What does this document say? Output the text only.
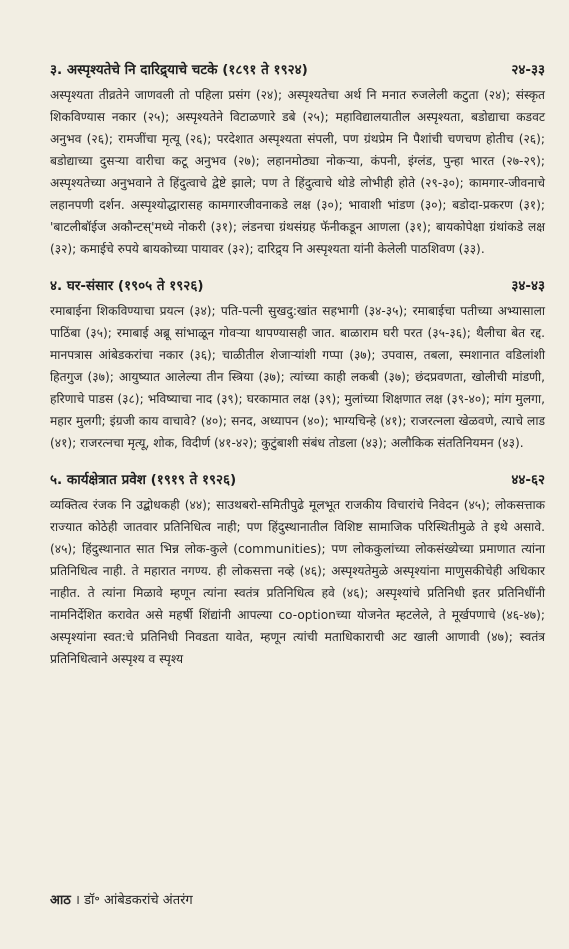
३. अस्पृश्यतेचे नि दारिद्र्याचे चटके (१८९१ ते १९२४)	२४-३३
अस्पृश्यता तीव्रतेने जाणवली तो पहिला प्रसंग (२४); अस्पृश्यतेचा अर्थ नि मनात रुजलेली कटुता (२४); संस्कृत शिकविण्यास नकार (२५); अस्पृश्यतेने विटाळणारे डबे (२५); महाविद्यालयातील अस्पृश्यता, बडोद्याचा कडवट अनुभव (२६); रामजींचा मृत्यू (२६); परदेशात अस्पृश्यता संपली, पण ग्रंथप्रेम नि पैशांची चणचण होतीच (२६); बडोद्याच्या दुसऱ्या वारीचा कटू अनुभव (२७); लहानमोठ्या नोकऱ्या, कंपनी, इंग्लंड, पुन्हा भारत (२७-२९); अस्पृश्यतेच्या अनुभवाने ते हिंदुत्वाचे द्वेष्टे झाले; पण ते हिंदुत्वाचे थोडे लोभीही होते (२९-३०); कामगार-जीवनाचे लहानपणी दर्शन. अस्पृश्योद्धारासह कामगारजीवनाकडे लक्ष (३०); भावाशी भांडण (३०); बडोदा-प्रकरण (३१); 'बाटलीबॉईज अकौन्टस्'मध्ये नोकरी (३१); लंडनचा ग्रंथसंग्रह फॅनीकडून आणला (३१); बायकोपेक्षा ग्रंथांकडे लक्ष (३२); कमाईचे रुपये बायकोच्या पायावर (३२); दारिद्र्य नि अस्पृश्यता यांनी केलेली पाठशिवण (३३).
४. घर-संसार (१९०५ ते १९२६)	३४-४३
रमाबाईना शिकविण्याचा प्रयत्न (३४); पति-पत्नी सुखदु:खांत सहभागी (३४-३५); रमाबाईचा पतीच्या अभ्यासाला पाठिंबा (३५); रमाबाई अब्रू सांभाळून गोवऱ्या थापण्यासही जात. बाळाराम घरी परत (३५-३६); थैलीचा बेत रद्द. मानपत्रास आंबेडकरांचा नकार (३६); चाळीतील शेजाऱ्यांशी गप्पा (३७); उपवास, तबला, स्मशानात वडिलांशी हितगुज (३७); आयुष्यात आलेल्या तीन स्त्रिया (३७); त्यांच्या काही लकबी (३७); छंदप्रवणता, खोलीची मांडणी, हरिणाचे पाडस (३८); भविष्याचा नाद (३९); घरकामात लक्ष (३९); मुलांच्या शिक्षणात लक्ष (३९-४०); मांग मुलगा, महार मुलगी; इंग्रजी काय वाचावे? (४०); सनद, अध्यापन (४०); भाग्यचिन्हे (४१); राजरत्नला खेळवणे, त्याचे लाड (४१); राजरत्नचा मृत्यू, शोक, विदीर्ण (४१-४२); कुटुंबाशी संबंध तोडला (४३); अलौकिक संततिनियमन (४३).
५. कार्यक्षेत्रात प्रवेश (१९१९ ते १९२६)	४४-६२
व्यक्तित्व रंजक नि उद्बोधकही (४४); साउथबरो-समितीपुढे मूलभूत राजकीय विचारांचे निवेदन (४५); लोकसत्ताक राज्यात कोठेही जातवार प्रतिनिधित्व नाही; पण हिंदुस्थानातील विशिष्ट सामाजिक परिस्थितीमुळे ते इथे असावे. (४५); हिंदुस्थानात सात भिन्न लोक-कुले (communities); पण लोककुलांच्या लोकसंख्येच्या प्रमाणात त्यांना प्रतिनिधित्व नाही. ते महारात नगण्य. ही लोकसत्ता नव्हे (४६); अस्पृश्यतेमुळे अस्पृश्यांना माणुसकीचेही अधिकार नाहीत. ते त्यांना मिळावे म्हणून त्यांना स्वतंत्र प्रतिनिधित्व हवे (४६); अस्पृश्यांचे प्रतिनिधी इतर प्रतिनिधींनी नामनिर्देशित करावेत असे महर्षी शिंद्यांनी आपल्या co-optionच्या योजनेत म्हटलेले, ते मूर्खपणाचे (४६-४७); अस्पृश्यांना स्वत:चे प्रतिनिधी निवडता यावेत, म्हणून त्यांची मताधिकाराची अट खाली आणावी (४७); स्वतंत्र प्रतिनिधित्वाने अस्पृश्य व स्पृश्य
आठ । डॉ॰ आंबेडकरांचे अंतरंग
